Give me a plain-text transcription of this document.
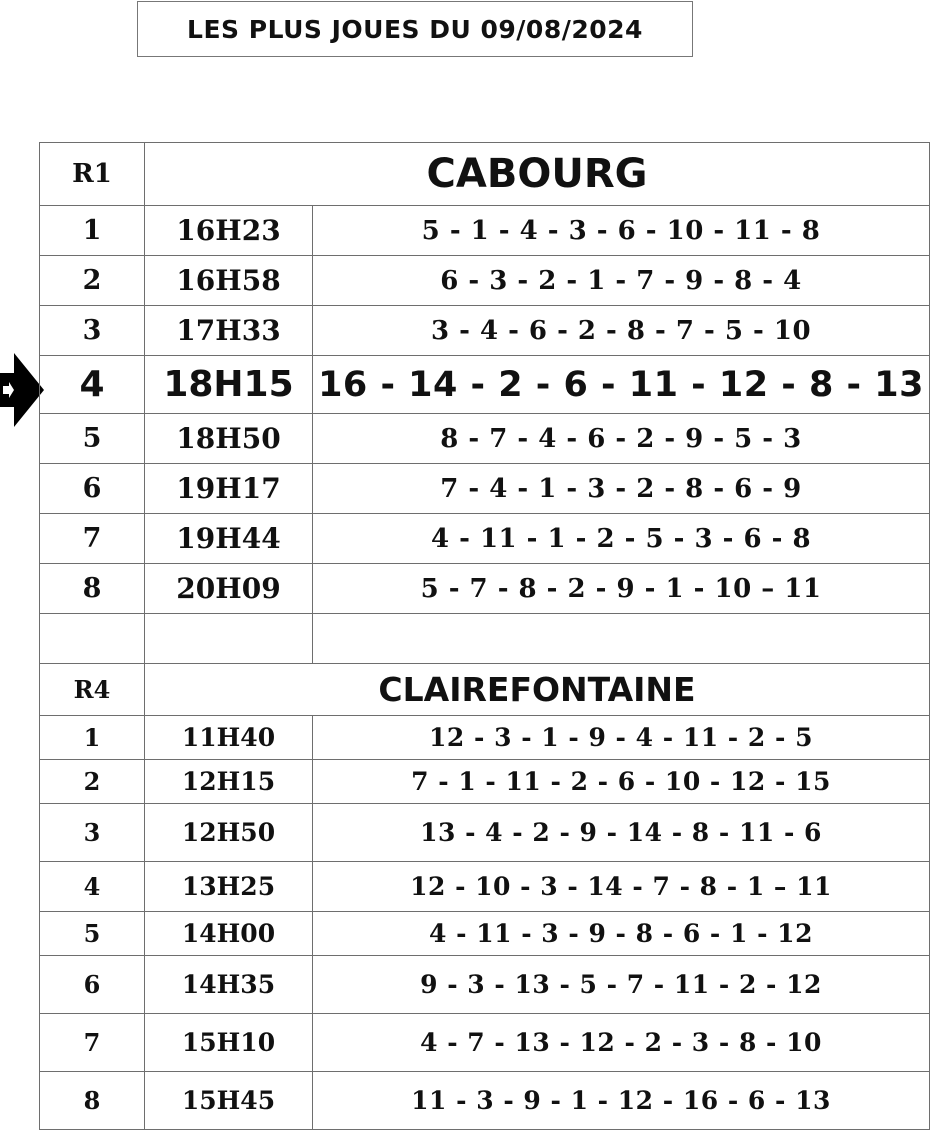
LES PLUS JOUES DU 09/08/2024
R1	CABOURG	
1	16H23	5 - 1 - 4 - 3 - 6 - 10 - 11 - 8
2	16H58	6 - 3 - 2 - 1 - 7 - 9 - 8 - 4
3	17H33	3 - 4 - 6 - 2 - 8 - 7 - 5 - 10
4	18H15	16 - 14 - 2 - 6 - 11 - 12 - 8 - 13
5	18H50	8 - 7 - 4 - 6 - 2 - 9 - 5 - 3
6	19H17	7 - 4 - 1 - 3 - 2 - 8 - 6 - 9
7	19H44	4 - 11 - 1 - 2 - 5 - 3 - 6 - 8
8	20H09	5 - 7 - 8 - 2 - 9 - 1 - 10 – 11

R4	CLAIREFONTAINE	
1	11H40	12 - 3 - 1 - 9 - 4 - 11 - 2 - 5
2	12H15	7 - 1 - 11 - 2 - 6 - 10 - 12 - 15
3	12H50	13 - 4 - 2 - 9 - 14 - 8 - 11 - 6
4	13H25	12 - 10 - 3 - 14 - 7 - 8 - 1 – 11
5	14H00	4 - 11 - 3 - 9 - 8 - 6 - 1 - 12
6	14H35	9 - 3 - 13 - 5 - 7 - 11 - 2 - 12
7	15H10	4 - 7 - 13 - 12 - 2 - 3 - 8 - 10
8	15H45	11 - 3 - 9 - 1 - 12 - 16 - 6 - 13
